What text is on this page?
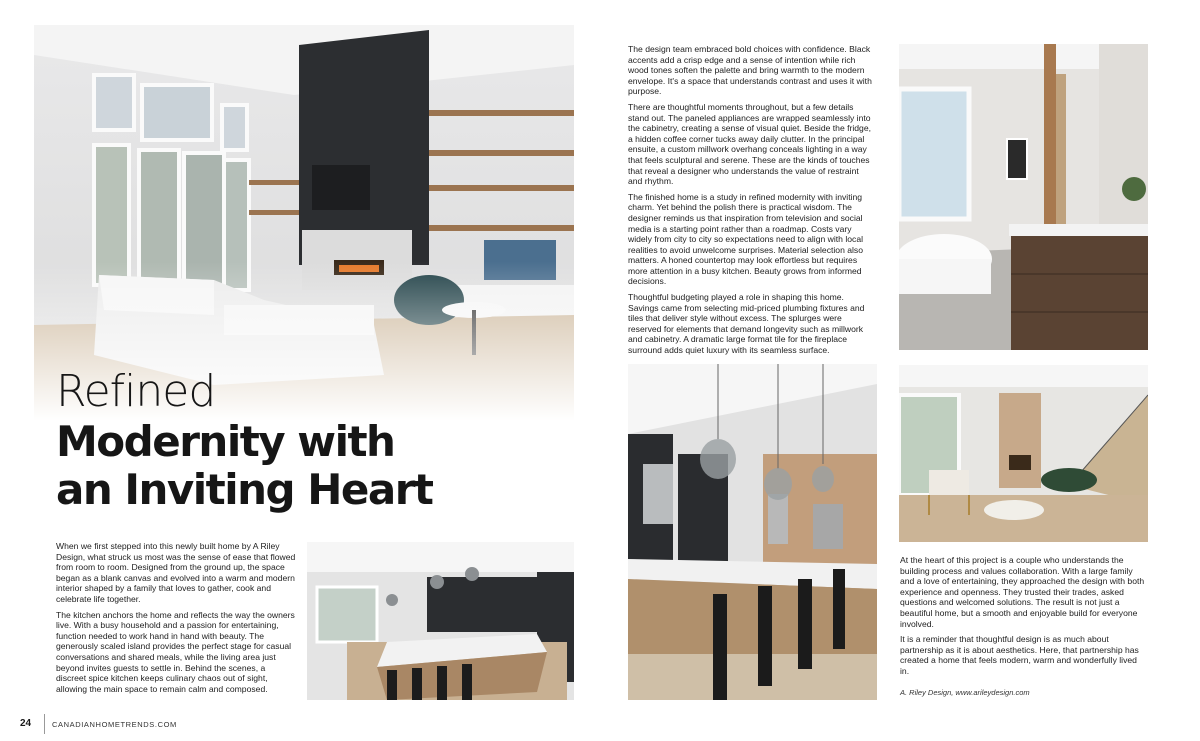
Refined
Modernity with
an Inviting Heart

When we first stepped into this newly built home by A Riley Design, what struck us most was the sense of ease that flowed from room to room. Designed from the ground up, the space began as a blank canvas and evolved into a warm and modern interior shaped by a family that loves to gather, cook and celebrate life together.

The kitchen anchors the home and reflects the way the owners live. With a busy household and a passion for entertaining, function needed to work hand in hand with beauty. The generously scaled island provides the perfect stage for casual conversations and shared meals, while the living area just beyond invites guests to settle in. Behind the scenes, a discreet spice kitchen keeps culinary chaos out of sight, allowing the main space to remain calm and composed.

The design team embraced bold choices with confidence. Black accents add a crisp edge and a sense of intention while rich wood tones soften the palette and bring warmth to the modern envelope. It's a space that understands contrast and uses it with purpose.

There are thoughtful moments throughout, but a few details stand out. The paneled appliances are wrapped seamlessly into the cabinetry, creating a sense of visual quiet. Beside the fridge, a hidden coffee corner tucks away daily clutter. In the principal ensuite, a custom millwork overhang conceals lighting in a way that feels sculptural and serene. These are the kinds of touches that reveal a designer who understands the value of restraint and rhythm.

The finished home is a study in refined modernity with inviting charm. Yet behind the polish there is practical wisdom. The designer reminds us that inspiration from television and social media is a starting point rather than a roadmap. Costs vary widely from city to city so expectations need to align with local realities to avoid unwelcome surprises. Material selection also matters. A honed countertop may look effortless but requires more attention in a busy kitchen. Beauty grows from informed decisions.

Thoughtful budgeting played a role in shaping this home. Savings came from selecting mid-priced plumbing fixtures and tiles that deliver style without excess. The splurges were reserved for elements that demand longevity such as millwork and cabinetry. A dramatic large format tile for the fireplace surround adds quiet luxury with its seamless surface.

At the heart of this project is a couple who understands the building process and values collaboration. With a large family and a love of entertaining, they approached the design with both experience and openness. They trusted their trades, asked questions and welcomed solutions. The result is not just a beautiful home, but a smooth and enjoyable build for everyone involved.

It is a reminder that thoughtful design is as much about partnership as it is about aesthetics. Here, that partnership has created a home that feels modern, warm and wonderfully lived in.

A. Riley Design, www.arileydesign.com
24	CANADIANHOMETRENDS.COM
